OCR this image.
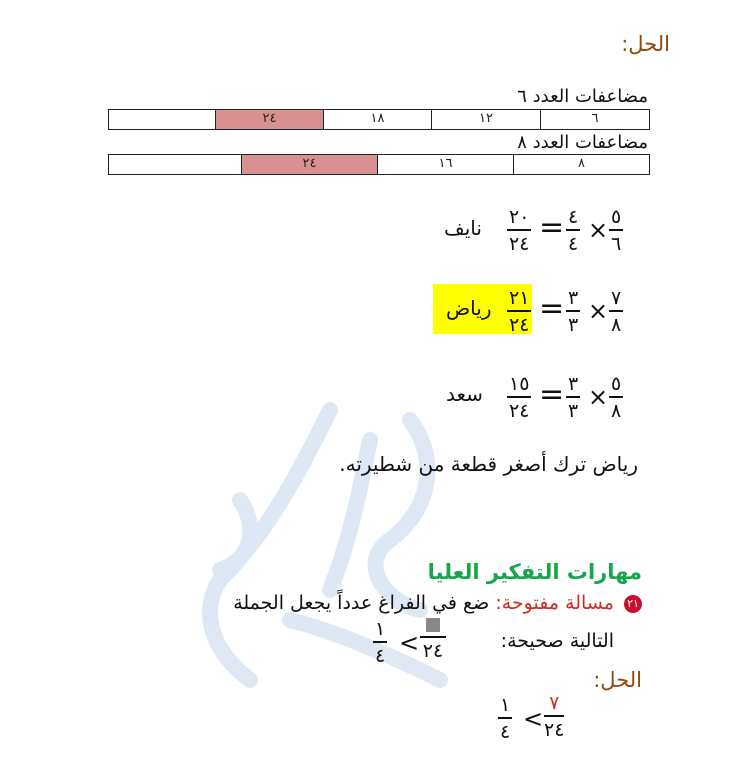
الحل:
مضاعفات العدد ٦
٦
١٢
١٨
٢٤
مضاعفات العدد ٨
٨
١٦
٢٤
٥
٦
×
٤
٤
=
٢٠
٢٤
نايف
٧
٨
×
٣
٣
=
٢١
٢٤
رياض
٥
٨
×
٣
٣
=
١٥
٢٤
سعد
رياض ترك أصغر قطعة من شطيرته.
مهارات التفكير العليا
٢١ مسالة مفتوحة: ضع في الفراغ عدداً يجعل الجملة
التالية صحيحة:
٢٤
<
١
٤
الحل:
٧
٢٤
<
١
٤
